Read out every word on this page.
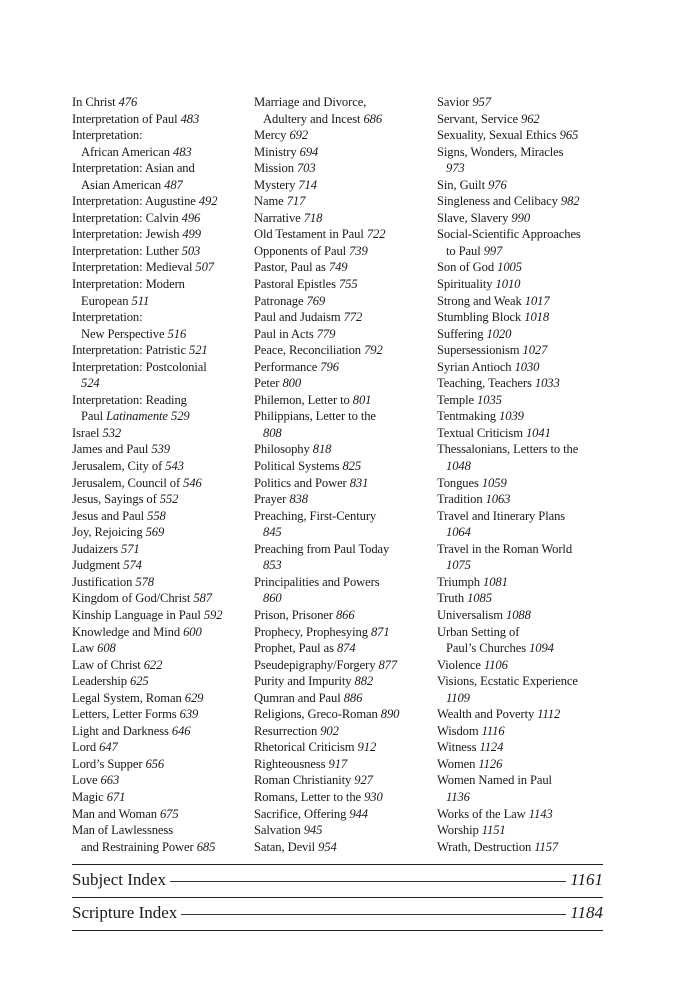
In Christ 476
Interpretation of Paul 483
Interpretation:
African American 483
Interpretation: Asian and
Asian American 487
Interpretation: Augustine 492
Interpretation: Calvin 496
Interpretation: Jewish 499
Interpretation: Luther 503
Interpretation: Medieval 507
Interpretation: Modern
European 511
Interpretation:
New Perspective 516
Interpretation: Patristic 521
Interpretation: Postcolonial
524
Interpretation: Reading
Paul Latinamente 529
Israel 532
James and Paul 539
Jerusalem, City of 543
Jerusalem, Council of 546
Jesus, Sayings of 552
Jesus and Paul 558
Joy, Rejoicing 569
Judaizers 571
Judgment 574
Justification 578
Kingdom of God/Christ 587
Kinship Language in Paul 592
Knowledge and Mind 600
Law 608
Law of Christ 622
Leadership 625
Legal System, Roman 629
Letters, Letter Forms 639
Light and Darkness 646
Lord 647
Lord’s Supper 656
Love 663
Magic 671
Man and Woman 675
Man of Lawlessness
and Restraining Power 685
Marriage and Divorce,
Adultery and Incest 686
Mercy 692
Ministry 694
Mission 703
Mystery 714
Name 717
Narrative 718
Old Testament in Paul 722
Opponents of Paul 739
Pastor, Paul as 749
Pastoral Epistles 755
Patronage 769
Paul and Judaism 772
Paul in Acts 779
Peace, Reconciliation 792
Performance 796
Peter 800
Philemon, Letter to 801
Philippians, Letter to the
808
Philosophy 818
Political Systems 825
Politics and Power 831
Prayer 838
Preaching, First-Century
845
Preaching from Paul Today
853
Principalities and Powers
860
Prison, Prisoner 866
Prophecy, Prophesying 871
Prophet, Paul as 874
Pseudepigraphy/Forgery 877
Purity and Impurity 882
Qumran and Paul 886
Religions, Greco-Roman 890
Resurrection 902
Rhetorical Criticism 912
Righteousness 917
Roman Christianity 927
Romans, Letter to the 930
Sacrifice, Offering 944
Salvation 945
Satan, Devil 954
Savior 957
Servant, Service 962
Sexuality, Sexual Ethics 965
Signs, Wonders, Miracles
973
Sin, Guilt 976
Singleness and Celibacy 982
Slave, Slavery 990
Social-Scientific Approaches
to Paul 997
Son of God 1005
Spirituality 1010
Strong and Weak 1017
Stumbling Block 1018
Suffering 1020
Supersessionism 1027
Syrian Antioch 1030
Teaching, Teachers 1033
Temple 1035
Tentmaking 1039
Textual Criticism 1041
Thessalonians, Letters to the
1048
Tongues 1059
Tradition 1063
Travel and Itinerary Plans
1064
Travel in the Roman World
1075
Triumph 1081
Truth 1085
Universalism 1088
Urban Setting of
Paul’s Churches 1094
Violence 1106
Visions, Ecstatic Experience
1109
Wealth and Poverty 1112
Wisdom 1116
Witness 1124
Women 1126
Women Named in Paul
1136
Works of the Law 1143
Worship 1151
Wrath, Destruction 1157
Subject Index	1161
Scripture Index	1184
